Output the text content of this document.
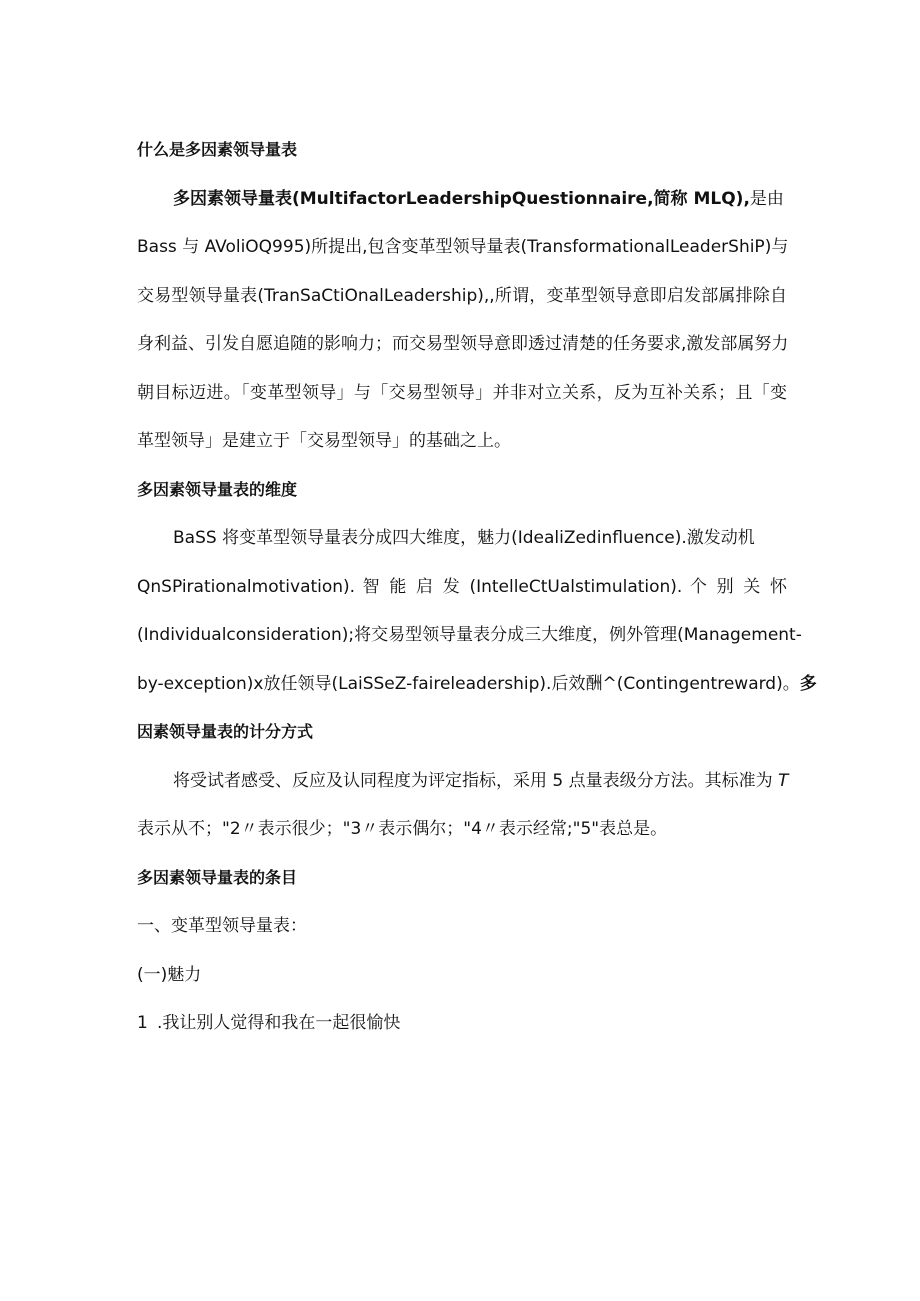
什么是多因素领导量表
多因素领导量表(MultifactorLeadershipQuestionnaire,简称 MLQ),是由
Bass 与 AVoliOQ995)所提出,包含变革型领导量表(TransformationalLeaderShiP)与
交易型领导量表(TranSaCtiOnalLeadership),,所谓，变革型领导意即启发部属排除自
身利益、引发自愿追随的影响力；而交易型领导意即透过清楚的任务要求,激发部属努力
朝目标迈进。「变革型领导」与「交易型领导」并非对立关系，反为互补关系；且「变
革型领导」是建立于「交易型领导」的基础之上。
多因素领导量表的维度
BaSS 将变革型领导量表分成四大维度，魅力(IdealiZedinfluence).激发动机
QnSPirationalmotivation). 智 能 启 发 (IntelleCtUalstimulation). 个 别 关 怀
(Individualconsideration);将交易型领导量表分成三大维度，例外管理(Management-
by-exception)x放任领导(LaiSSeZ-faireleadership).后效酬^(Contingentreward)。多
因素领导量表的计分方式
将受试者感受、反应及认同程度为评定指标，采用 5 点量表级分方法。其标准为 T
表示从不；"2〃表示很少；"3〃表示偶尔；"4〃表示经常;"5"表总是。
多因素领导量表的条目
一、变革型领导量表：
(一)魅力
1 .我让别人觉得和我在一起很愉快
